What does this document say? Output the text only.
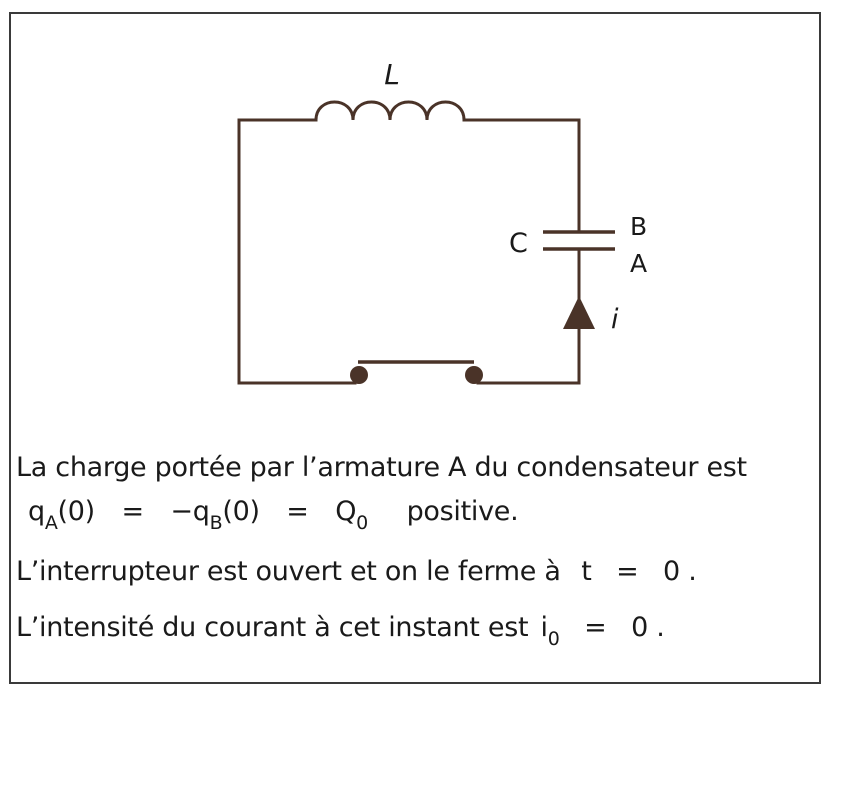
L
C
B
A
i
La charge portée par l’armature A du condensateur est
$q_A(0) = -q_B(0) = Q_0$ positive.
L’interrupteur est ouvert et on le ferme à t = 0 .
L’intensité du courant à cet instant est $i_0 = 0$ .
